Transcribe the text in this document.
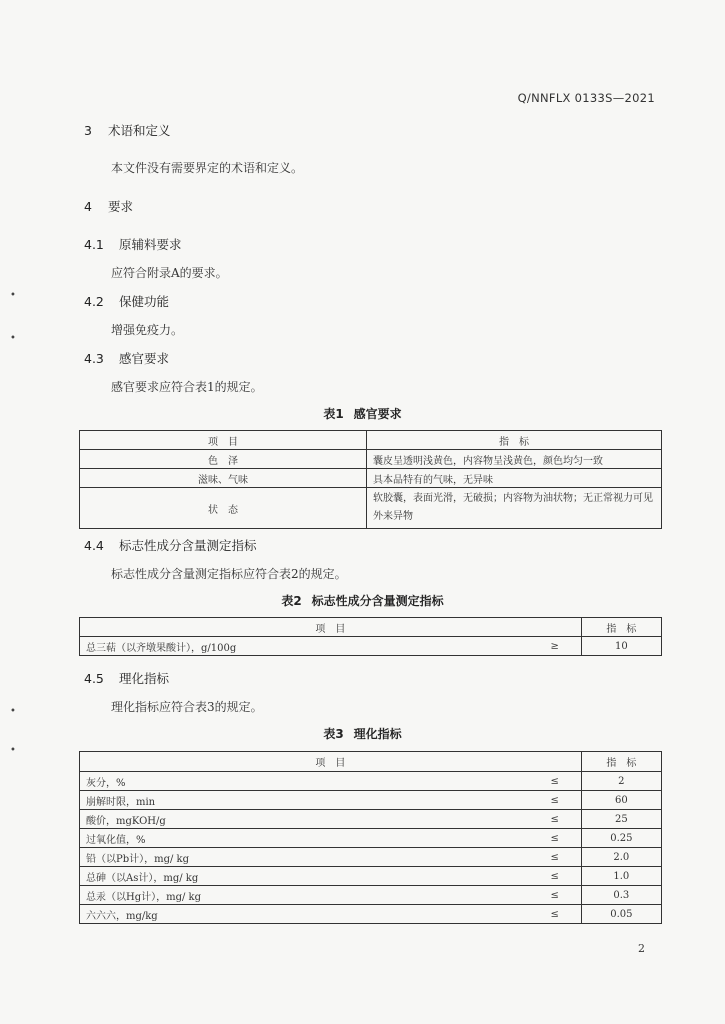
Q/NNFLX 0133S—2021
3 术语和定义
本文件没有需要界定的术语和定义。
4 要求
4.1 原辅料要求
应符合附录A的要求。
4.2 保健功能
增强免疫力。
4.3 感官要求
感官要求应符合表1的规定。
表1 感官要求
项　目	指　标
色　泽	囊皮呈透明浅黄色，内容物呈浅黄色，颜色均匀一致
滋味、气味	具本品特有的气味，无异味
状　态	软胶囊，表面光滑，无破损；内容物为油状物；无正常视力可见外来异物
4.4 标志性成分含量测定指标
标志性成分含量测定指标应符合表2的规定。
表2 标志性成分含量测定指标
项　目		指　标
总三萜（以齐墩果酸计），g/100g	≥	10
4.5 理化指标
理化指标应符合表3的规定。
表3 理化指标
项　目		指　标
灰分，%	≤	2
崩解时限，min	≤	60
酸价，mgKOH/g	≤	25
过氧化值，%	≤	0.25
铅（以Pb计），mg/ kg	≤	2.0
总砷（以As计），mg/ kg	≤	1.0
总汞（以Hg计），mg/ kg	≤	0.3
六六六，mg/kg	≤	0.05
2
•
•
•
•
